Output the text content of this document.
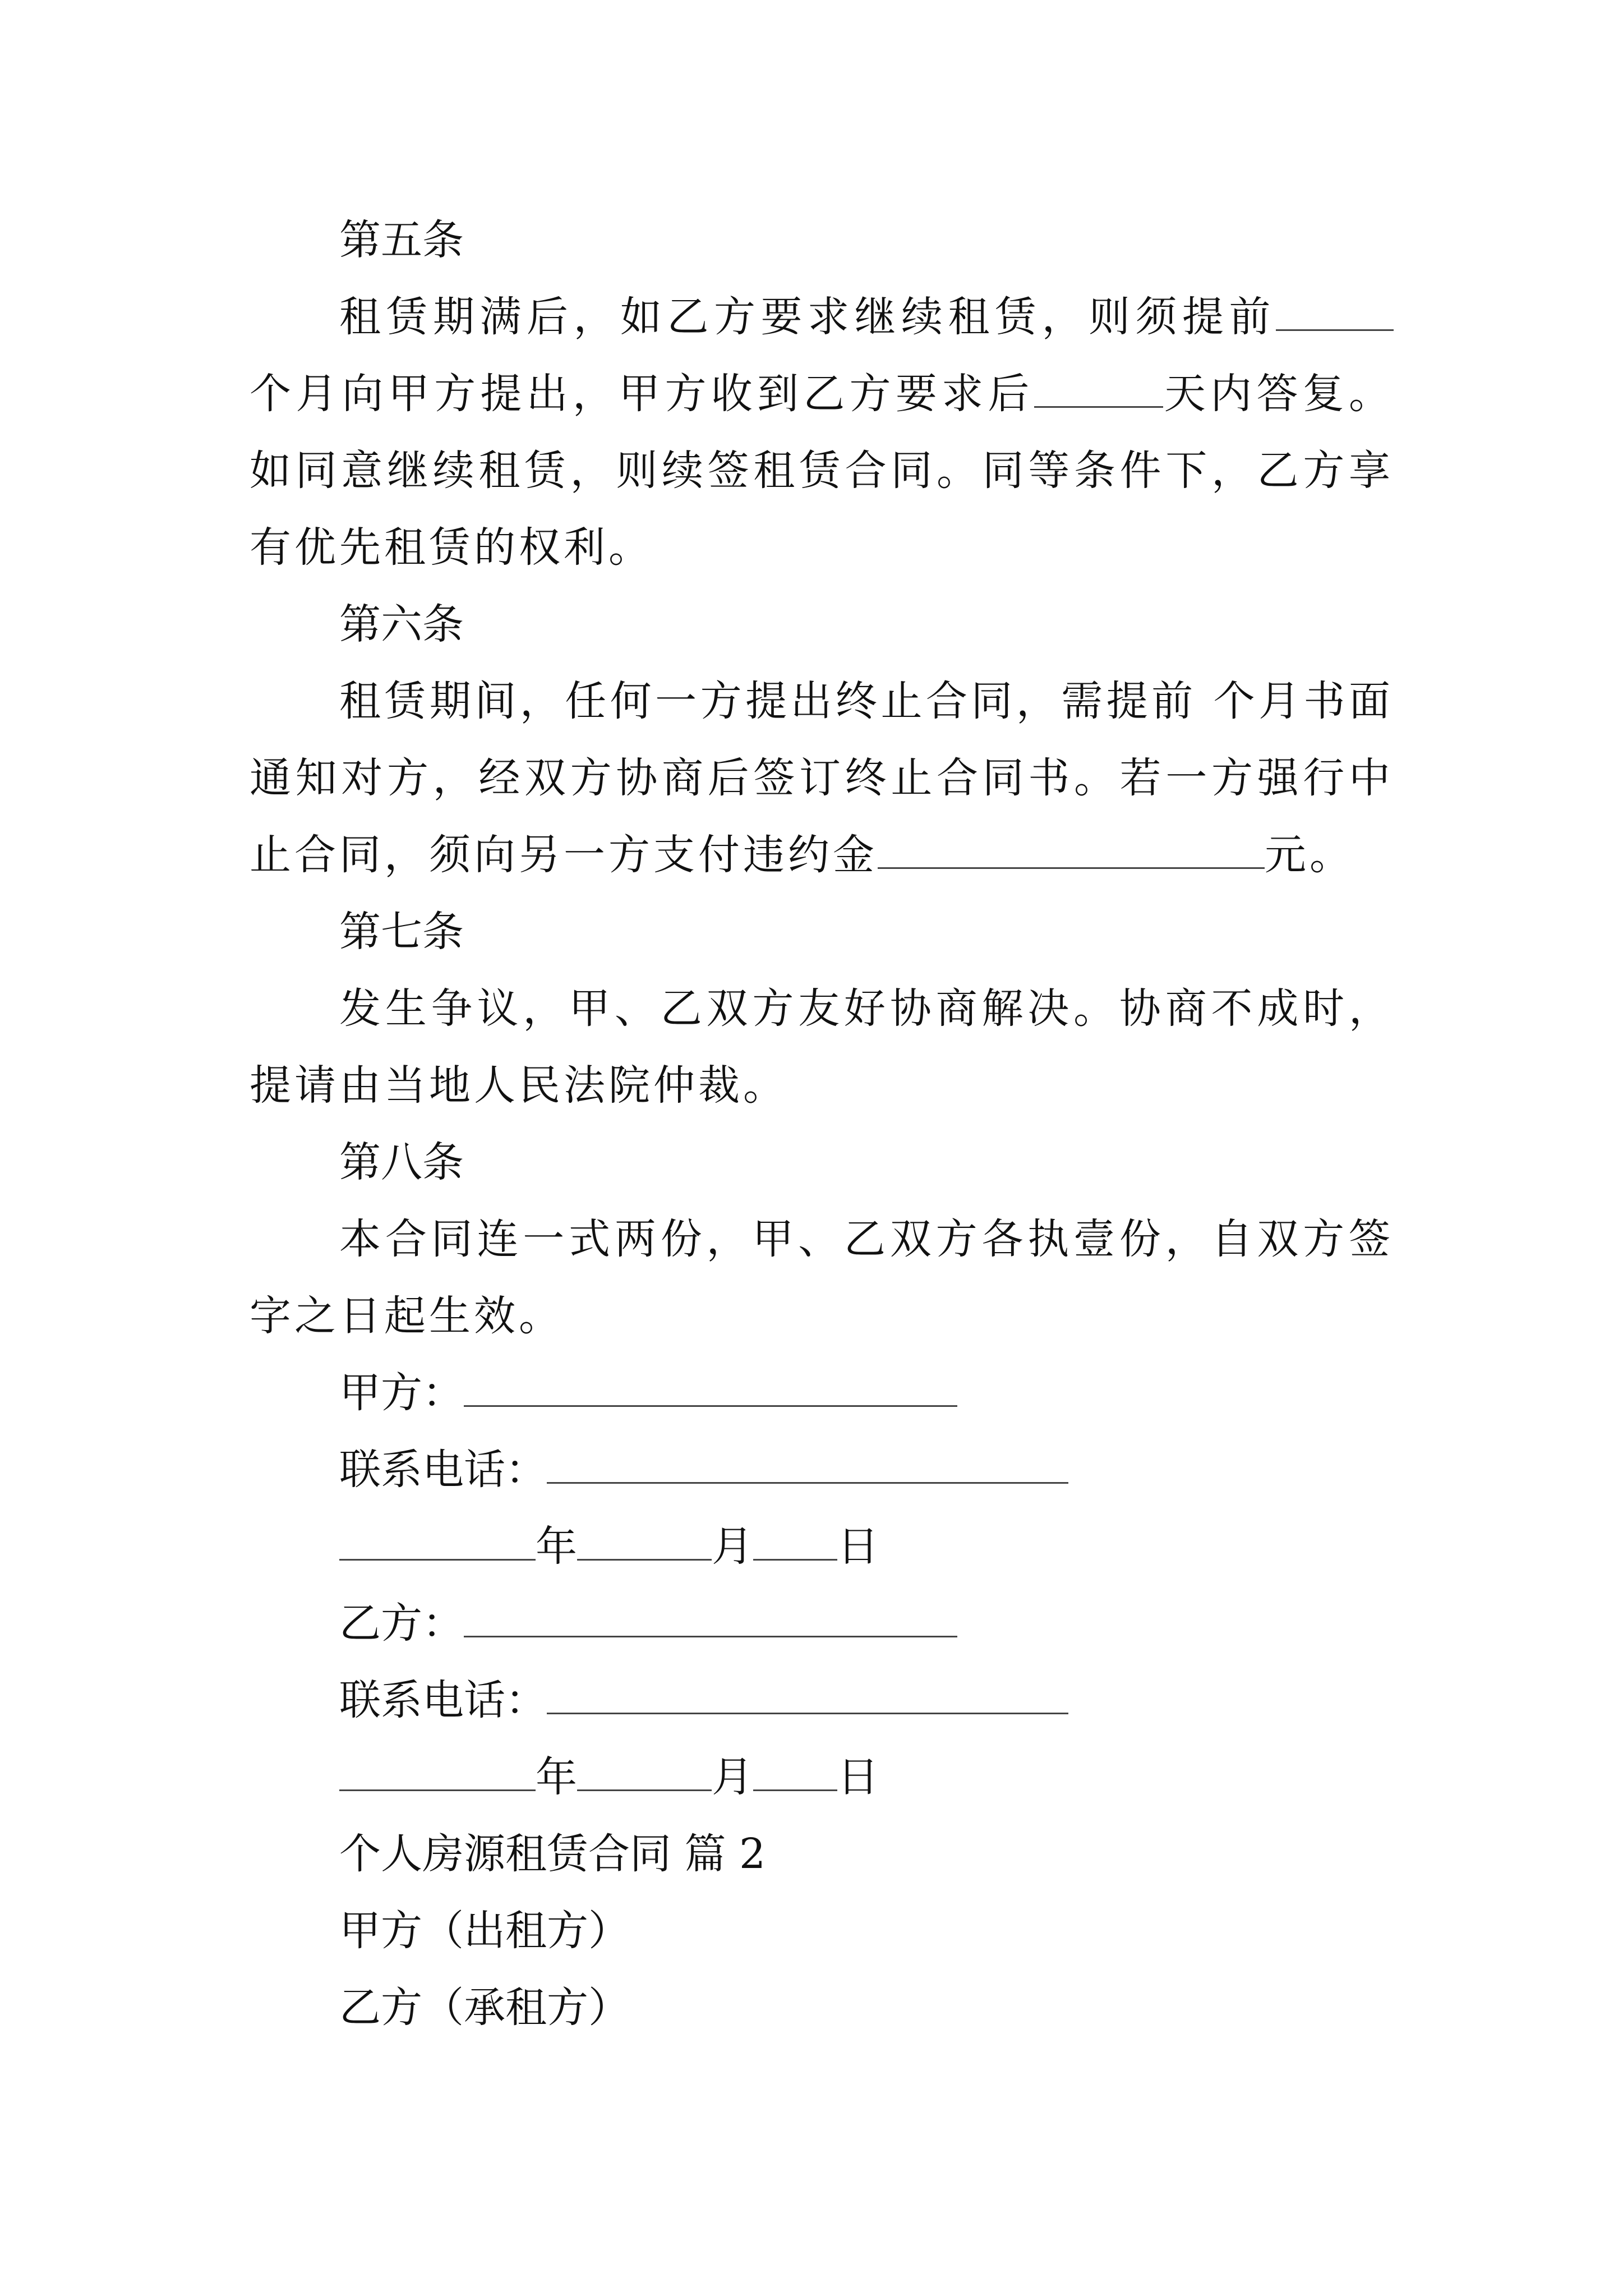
第五条
租赁期满后，如乙方要求继续租赁，则须提前个月向甲方提出，甲方收到乙方要求后	天内答复。如同意继续租赁，则续签租赁合同。同等条件下，乙方享有优先租赁的权利。
第六条
租赁期间，任何一方提出终止合同，需提前 个月书面通知对方，经双方协商后签订终止合同书。若一方强行中止合同，须向另一方支付违约金	元。
第七条
发生争议，甲、乙双方友好协商解决。协商不成时，提请由当地人民法院仲裁。
第八条
本合同连一式两份，甲、乙双方各执壹份，自双方签字之日起生效。
甲方：
联系电话：
年	月 日
乙方：
联系电话：
年	月 日
个人房源租赁合同 篇 2
甲方（出租方）
乙方（承租方）
